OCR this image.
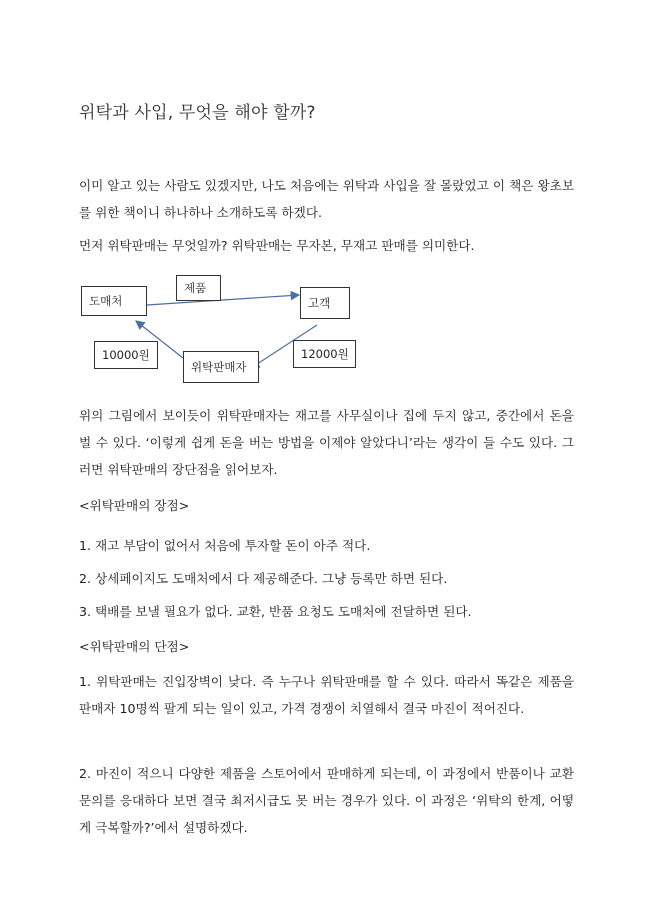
위탁과 사입, 무엇을 해야 할까?
이미 알고 있는 사람도 있겠지만, 나도 처음에는 위탁과 사입을 잘 몰랐었고 이 책은 왕초보를 위한 책이니 하나하나 소개하도록 하겠다.
먼저 위탁판매는 무엇일까? 위탁판매는 무자본, 무재고 판매를 의미한다.
도매처
제품
고객
10000원
위탁판매자
12000원
위의 그림에서 보이듯이 위탁판매자는 재고를 사무실이나 집에 두지 않고, 중간에서 돈을 벌 수 있다. ‘이렇게 쉽게 돈을 버는 방법을 이제야 알았다니’라는 생각이 들 수도 있다. 그러면 위탁판매의 장단점을 읽어보자.
<위탁판매의 장점>
1. 재고 부담이 없어서 처음에 투자할 돈이 아주 적다.
2. 상세페이지도 도매처에서 다 제공해준다. 그냥 등록만 하면 된다.
3. 택배를 보낼 필요가 없다. 교환, 반품 요청도 도매처에 전달하면 된다.
<위탁판매의 단점>
1. 위탁판매는 진입장벽이 낮다. 즉 누구나 위탁판매를 할 수 있다. 따라서 똑같은 제품을 판매자 10명씩 팔게 되는 일이 있고, 가격 경쟁이 치열해서 결국 마진이 적어진다.
2. 마진이 적으니 다양한 제품을 스토어에서 판매하게 되는데, 이 과정에서 반품이나 교환 문의를 응대하다 보면 결국 최저시급도 못 버는 경우가 있다. 이 과정은 ‘위탁의 한계, 어떻게 극복할까?’에서 설명하겠다.
